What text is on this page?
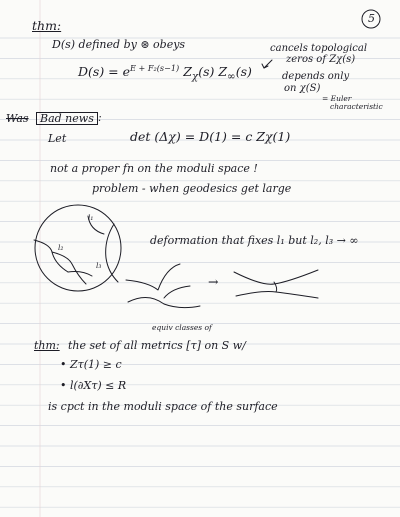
5
thm:
D(s) defined by ⊛ obeys
$D(s) = e^{E + F_2(s-1)}$ $Z_\chi(s)$ $Z_\infty(s)$
cancels topological
zeros of Zχ(s)
depends only
on χ(S)
= Euler
characteristic
Was	Bad news :
Let	det (Δχ) = D(1) = c Zχ(1)
not a proper fn on the moduli space !
problem - when geodesics get large
l₁
l₂
l₃
deformation that fixes l₁ but l₂, l₃ → ∞
→
equiv classes of
thm: the set of all metrics [τ] on S w/
• Zτ(1) ≥ c
• l(∂Xτ) ≤ R
is cpct in the moduli space of the surface
